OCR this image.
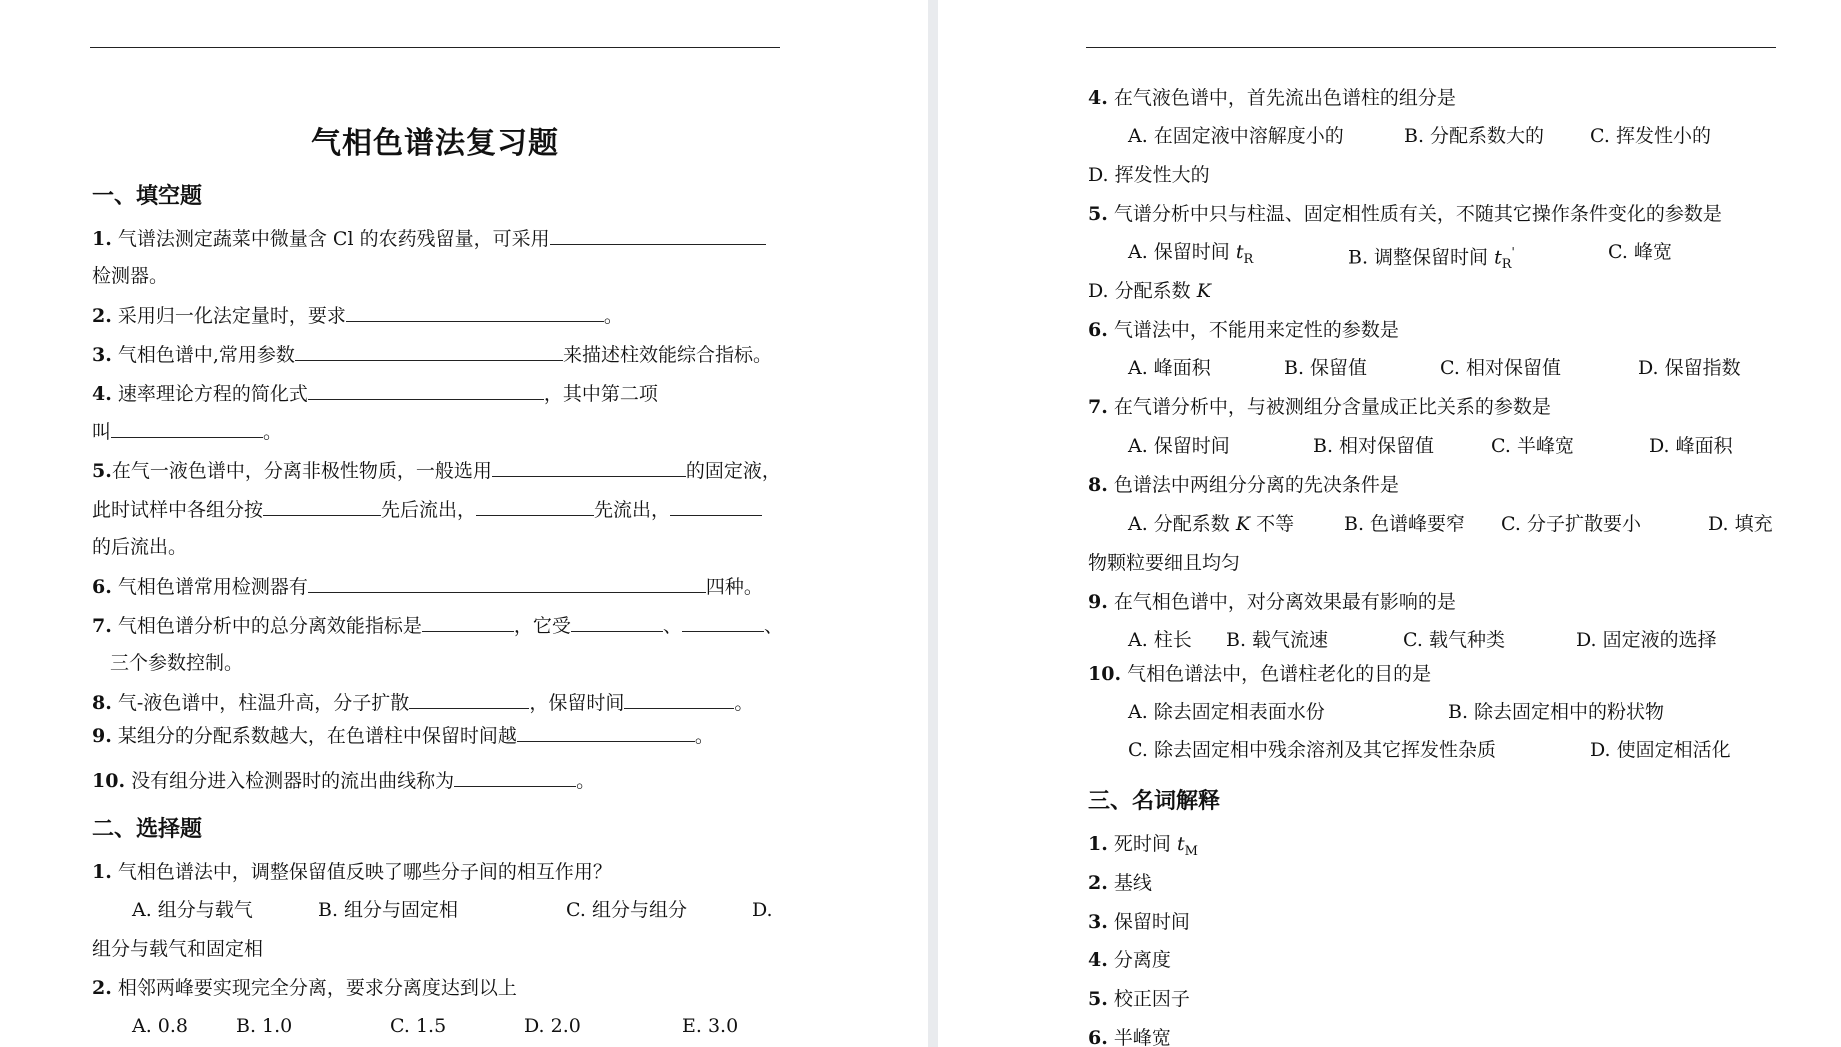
气相色谱法复习题
一、填空题
1. 气谱法测定蔬菜中微量含 Cl 的农药残留量，可采用
检测器。
2. 采用归一化法定量时，要求	。
3. 气相色谱中,常用参数	来描述柱效能综合指标。
4. 速率理论方程的简化式	，其中第二项
叫	。
5.在气一液色谱中，分离非极性物质，一般选用	的固定液，
此时试样中各组分按	先后流出，	先流出，
的后流出。
6. 气相色谱常用检测器有	四种。
7. 气相色谱分析中的总分离效能指标是	，它受	、	、
三个参数控制。
8. 气-液色谱中，柱温升高，分子扩散	，保留时间	。
9. 某组分的分配系数越大，在色谱柱中保留时间越	。
10. 没有组分进入检测器时的流出曲线称为	。
二、选择题
1. 气相色谱法中，调整保留值反映了哪些分子间的相互作用？
A. 组分与载气	B. 组分与固定相	C. 组分与组分	D.
组分与载气和固定相
2. 相邻两峰要实现完全分离，要求分离度达到以上
A. 0.8	B. 1.0	C. 1.5	D. 2.0	E. 3.0
4. 在气液色谱中，首先流出色谱柱的组分是
A. 在固定液中溶解度小的	B. 分配系数大的 C. 挥发性小的
D. 挥发性大的
5. 气谱分析中只与柱温、固定相性质有关，不随其它操作条件变化的参数是
A. 保留时间 $t_R$	B. 调整保留时间 $t_R'$	C. 峰宽
D. 分配系数 K
6. 气谱法中，不能用来定性的参数是
A. 峰面积	B. 保留值	C. 相对保留值	D. 保留指数
7. 在气谱分析中，与被测组分含量成正比关系的参数是
A. 保留时间	B. 相对保留值	C. 半峰宽	D. 峰面积
8. 色谱法中两组分分离的先决条件是
A. 分配系数 K 不等	B. 色谱峰要窄 C. 分子扩散要小	D. 填充
物颗粒要细且均匀
9. 在气相色谱中，对分离效果最有影响的是
A. 柱长 B. 载气流速	C. 载气种类	D. 固定液的选择
10. 气相色谱法中，色谱柱老化的目的是
A. 除去固定相表面水份	B. 除去固定相中的粉状物
C. 除去固定相中残余溶剂及其它挥发性杂质	D. 使固定相活化
三、名词解释
1. 死时间 $t_M$
2. 基线
3. 保留时间
4. 分离度
5. 校正因子
6. 半峰宽
